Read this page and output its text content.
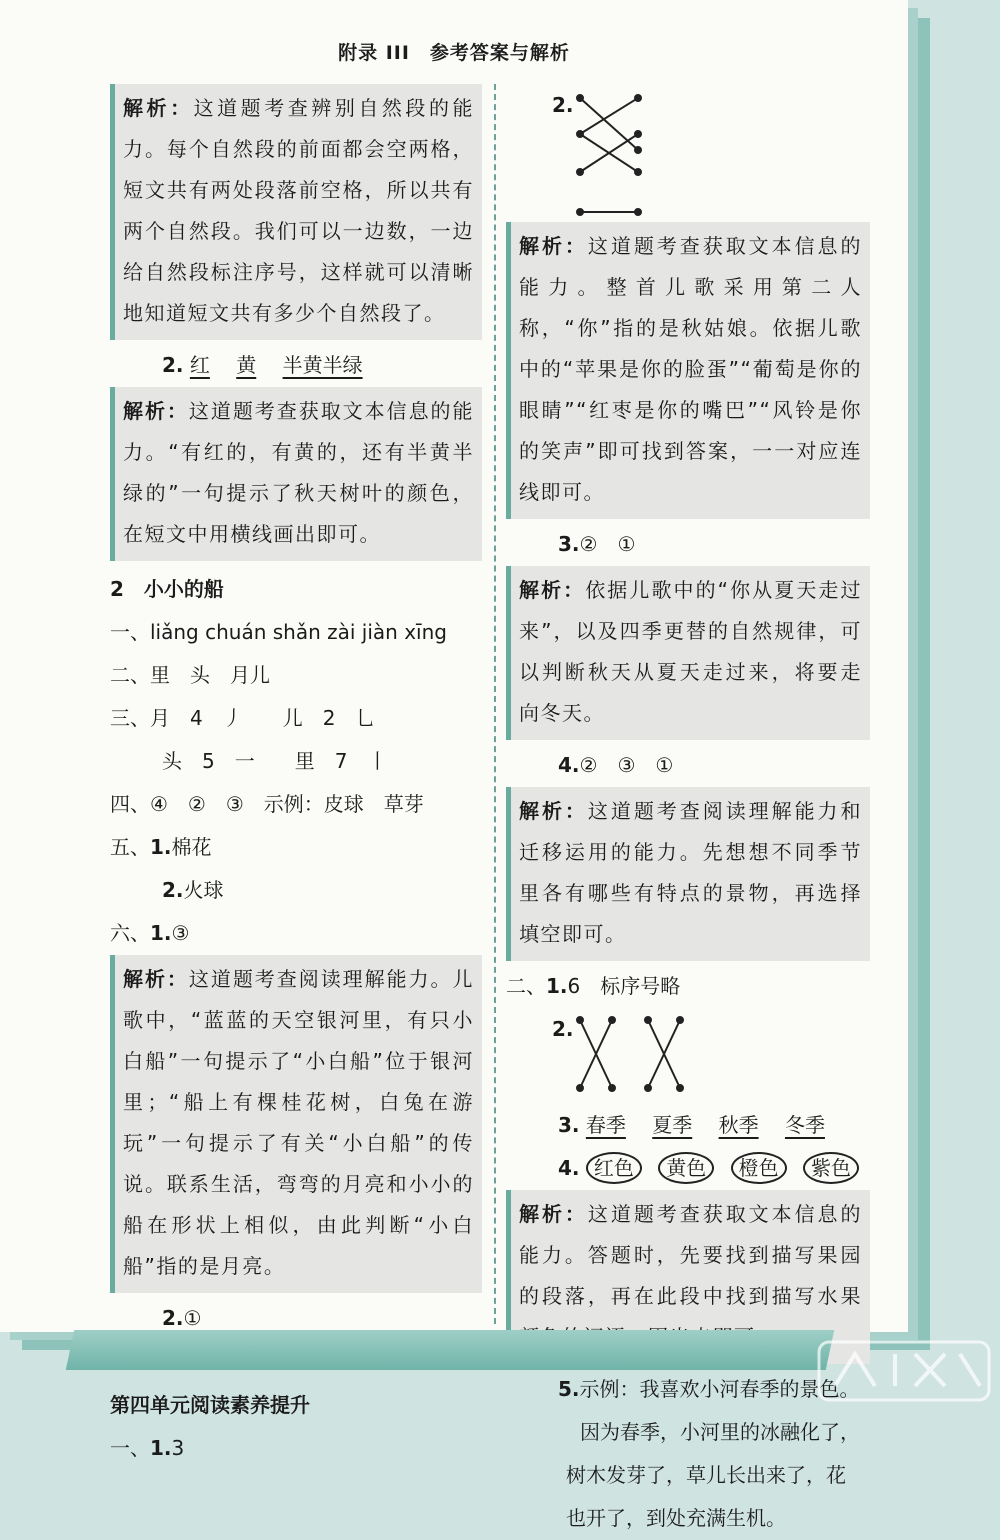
附录 III　参考答案与解析
解析：这道题考查辨别自然段的能力。每个自然段的前面都会空两格，短文共有两处段落前空格，所以共有两个自然段。我们可以一边数，一边给自然段标注序号，这样就可以清晰地知道短文共有多少个自然段了。
2. 红　 黄　 半黄半绿
解析：这道题考查获取文本信息的能力。“有红的，有黄的，还有半黄半绿的”一句提示了秋天树叶的颜色，在短文中用横线画出即可。
2　小小的船
一、liǎng chuán shǎn zài jiàn xīng
二、里　头　月儿
三、月　4　丿　　儿　2　乚
头　5　一　　里　7　丨
四、④　②　③　示例：皮球　草芽
五、1.棉花
2.火球
六、1.③
解析：这道题考查阅读理解能力。儿歌中，“蓝蓝的天空银河里，有只小白船”一句提示了“小白船”位于银河里；“船上有棵桂花树，白兔在游玩”一句提示了有关“小白船”的传说。联系生活，弯弯的月亮和小小的船在形状上相似，由此判断“小白船”指的是月亮。
2.①
第四单元阅读素养提升
一、1.3
2.
解析：这道题考查获取文本信息的能力。整首儿歌采用第二人称，“你”指的是秋姑娘。依据儿歌中的“苹果是你的脸蛋”“葡萄是你的眼睛”“红枣是你的嘴巴”“风铃是你的笑声”即可找到答案，一一对应连线即可。
3.②　①
解析：依据儿歌中的“你从夏天走过来”，以及四季更替的自然规律，可以判断秋天从夏天走过来，将要走向冬天。
4.②　③　①
解析：这道题考查阅读理解能力和迁移运用的能力。先想想不同季节里各有哪些有特点的景物，再选择填空即可。
二、1.6　标序号略
2.
3. 春季　 夏季　 秋季　 冬季
4. 红色 黄色 橙色 紫色
解析：这道题考查获取文本信息的能力。答题时，先要找到描写果园的段落，再在此段中找到描写水果
5.示例：我喜欢小河春季的景色。
因为春季，小河里的冰融化了，
树木发芽了，草儿长出来了，花
也开了，到处充满生机。
